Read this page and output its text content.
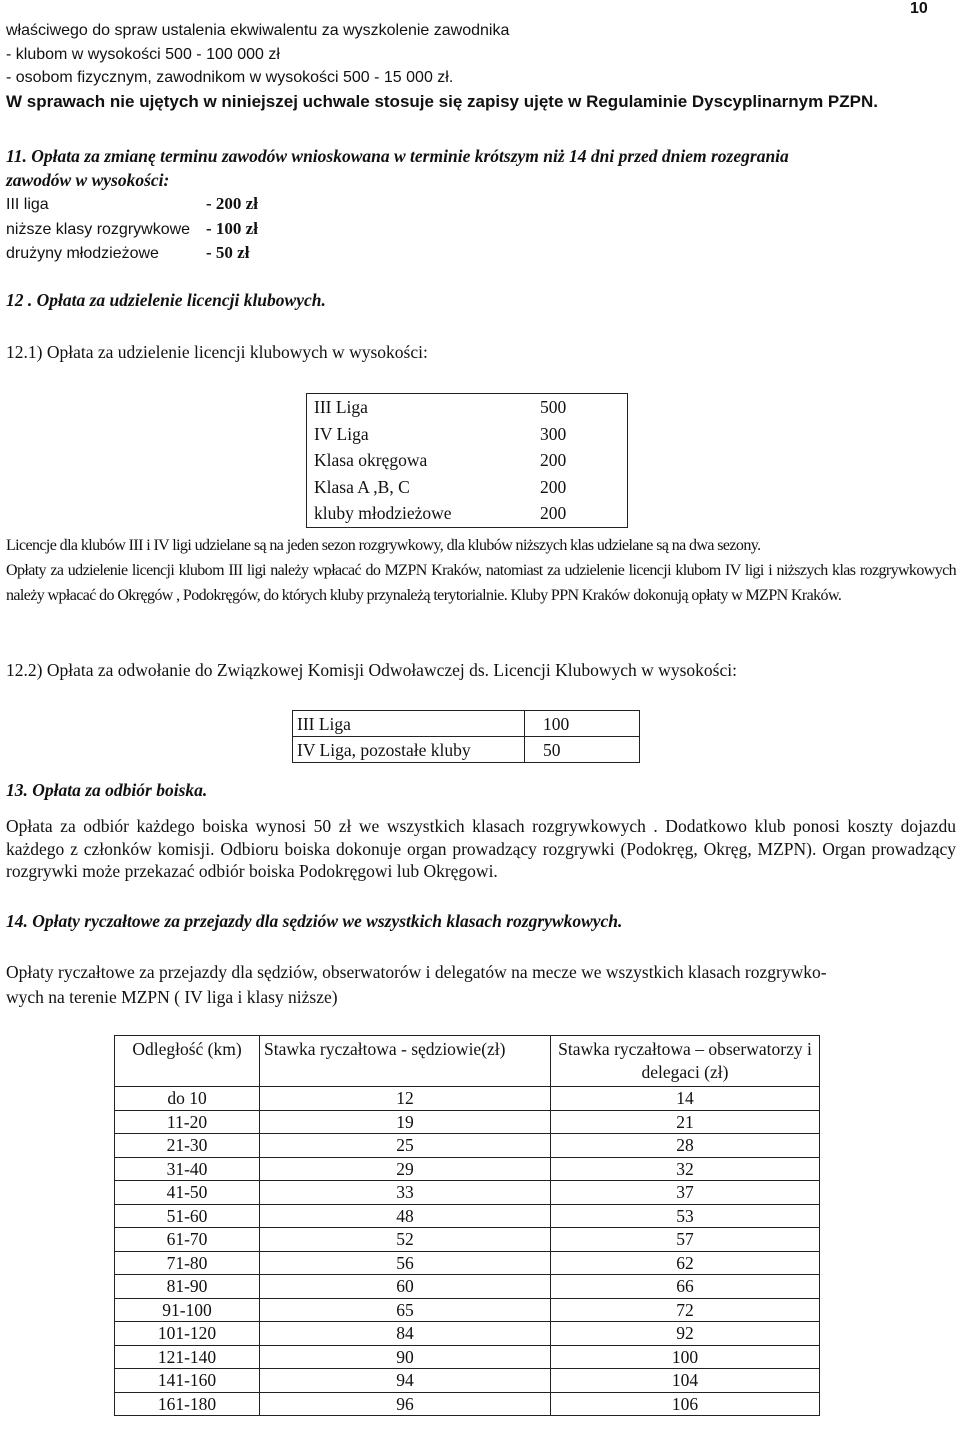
10
właściwego do spraw ustalenia ekwiwalentu za wyszkolenie zawodnika
- klubom w wysokości 500 - 100 000 zł
- osobom fizycznym, zawodnikom w wysokości 500 - 15 000 zł.
W sprawach nie ujętych w niniejszej uchwale stosuje się zapisy ujęte w Regulaminie Dyscyplinarnym PZPN.
11. Opłata za zmianę terminu zawodów wnioskowana w terminie krótszym niż 14 dni przed dniem rozegrania
zawodów w wysokości:
III liga	- 200 zł
niższe klasy rozgrywkowe - 100 zł
drużyny młodzieżowe	- 50 zł
12 . Opłata za udzielenie licencji klubowych.
12.1) Opłata za udzielenie licencji klubowych w wysokości:
III Liga	500
IV Liga	300
Klasa okręgowa	200
Klasa A ,B, C	200
kluby młodzieżowe	200
Licencje dla klubów III i IV ligi udzielane są na jeden sezon rozgrywkowy, dla klubów niższych klas udzielane są na dwa sezony.
Opłaty za udzielenie licencji klubom III ligi należy wpłacać do MZPN Kraków, natomiast za udzielenie licencji klubom IV ligi i niższych klas rozgrywkowych należy wpłacać do Okręgów , Podokręgów, do których kluby przynależą terytorialnie. Kluby PPN Kraków dokonują opłaty w MZPN Kraków.
12.2) Opłata za odwołanie do Związkowej Komisji Odwoławczej ds. Licencji Klubowych w wysokości:
III Liga	100
IV Liga, pozostałe kluby	50
13. Opłata za odbiór boiska.
Opłata za odbiór każdego boiska wynosi 50 zł we wszystkich klasach rozgrywkowych . Dodatkowo klub ponosi koszty dojazdu każdego z członków komisji. Odbioru boiska dokonuje organ prowadzący rozgrywki (Podokręg, Okręg, MZPN). Organ prowadzący rozgrywki może przekazać odbiór boiska Podokręgowi lub Okręgowi.
14. Opłaty ryczałtowe za przejazdy dla sędziów we wszystkich klasach rozgrywkowych.
Opłaty ryczałtowe za przejazdy dla sędziów, obserwatorów i delegatów na mecze we wszystkich klasach rozgrywko-
wych na terenie MZPN ( IV liga i klasy niższe)
Odległość (km)	Stawka ryczałtowa - sędziowie(zł)	Stawka ryczałtowa – obserwatorzy i delegaci (zł)
do 10	12	14
11-20	19	21
21-30	25	28
31-40	29	32
41-50	33	37
51-60	48	53
61-70	52	57
71-80	56	62
81-90	60	66
91-100	65	72
101-120	84	92
121-140	90	100
141-160	94	104
161-180	96	106
